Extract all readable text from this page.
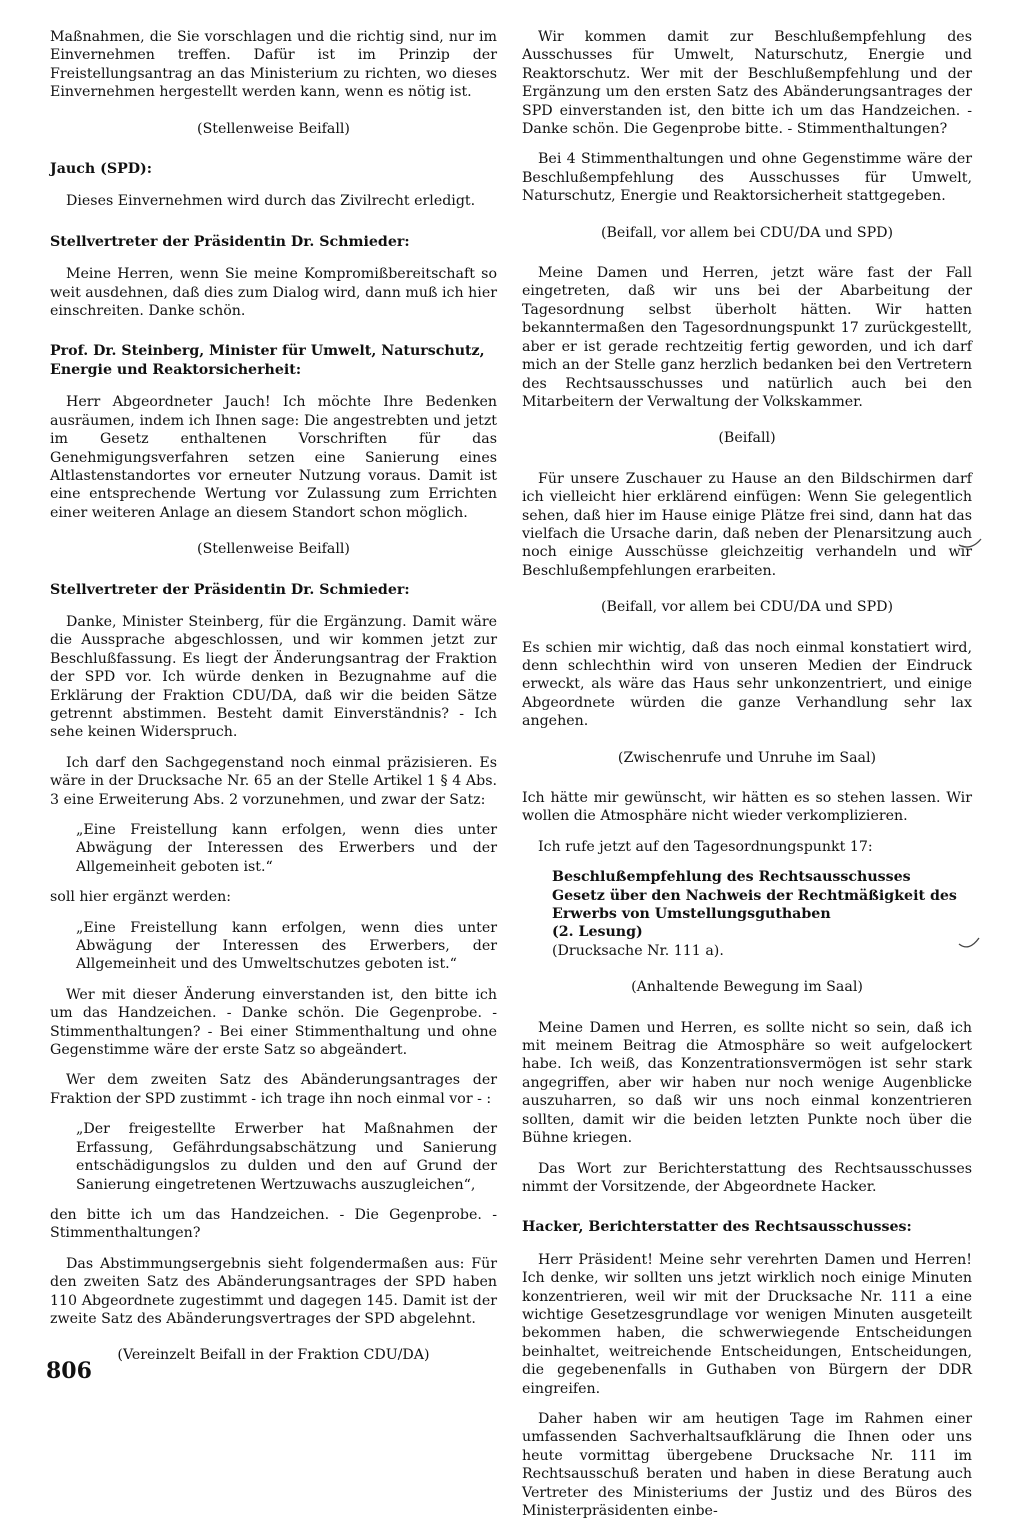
Maßnahmen, die Sie vorschlagen und die richtig sind, nur im Einvernehmen treffen. Dafür ist im Prinzip der Freistellungsantrag an das Ministerium zu richten, wo dieses Einvernehmen hergestellt werden kann, wenn es nötig ist.

(Stellenweise Beifall)

Jauch (SPD):

Dieses Einvernehmen wird durch das Zivilrecht erledigt.

Stellvertreter der Präsidentin Dr. Schmieder:

Meine Herren, wenn Sie meine Kompromißbereitschaft so weit ausdehnen, daß dies zum Dialog wird, dann muß ich hier einschreiten. Danke schön.

Prof. Dr. Steinberg, Minister für Umwelt, Naturschutz, Energie und Reaktorsicherheit:

Herr Abgeordneter Jauch! Ich möchte Ihre Bedenken ausräumen, indem ich Ihnen sage: Die angestrebten und jetzt im Gesetz enthaltenen Vorschriften für das Genehmigungsverfahren setzen eine Sanierung eines Altlastenstandortes vor erneuter Nutzung voraus. Damit ist eine entsprechende Wertung vor Zulassung zum Errichten einer weiteren Anlage an diesem Standort schon möglich.

(Stellenweise Beifall)

Stellvertreter der Präsidentin Dr. Schmieder:

Danke, Minister Steinberg, für die Ergänzung. Damit wäre die Aussprache abgeschlossen, und wir kommen jetzt zur Beschlußfassung. Es liegt der Änderungsantrag der Fraktion der SPD vor. Ich würde denken in Bezugnahme auf die Erklärung der Fraktion CDU/DA, daß wir die beiden Sätze getrennt abstimmen. Besteht damit Einverständnis? - Ich sehe keinen Widerspruch.

Ich darf den Sachgegenstand noch einmal präzisieren. Es wäre in der Drucksache Nr. 65 an der Stelle Artikel 1 § 4 Abs. 3 eine Erweiterung Abs. 2 vorzunehmen, und zwar der Satz:

„Eine Freistellung kann erfolgen, wenn dies unter Abwägung der Interessen des Erwerbers und der Allgemeinheit geboten ist.“

soll hier ergänzt werden:

„Eine Freistellung kann erfolgen, wenn dies unter Abwägung der Interessen des Erwerbers, der Allgemeinheit und des Umweltschutzes geboten ist.“

Wer mit dieser Änderung einverstanden ist, den bitte ich um das Handzeichen. - Danke schön. Die Gegenprobe. - Stimmenthaltungen? - Bei einer Stimmenthaltung und ohne Gegenstimme wäre der erste Satz so abgeändert.

Wer dem zweiten Satz des Abänderungsantrages der Fraktion der SPD zustimmt - ich trage ihn noch einmal vor - :

„Der freigestellte Erwerber hat Maßnahmen der Erfassung, Gefährdungsabschätzung und Sanierung entschädigungslos zu dulden und den auf Grund der Sanierung eingetretenen Wertzuwachs auszugleichen“,

den bitte ich um das Handzeichen. - Die Gegenprobe. - Stimmenthaltungen?

Das Abstimmungsergebnis sieht folgendermaßen aus: Für den zweiten Satz des Abänderungsantrages der SPD haben 110 Abgeordnete zugestimmt und dagegen 145. Damit ist der zweite Satz des Abänderungsvertrages der SPD abgelehnt.

(Vereinzelt Beifall in der Fraktion CDU/DA)

Wir kommen damit zur Beschlußempfehlung des Ausschusses für Umwelt, Naturschutz, Energie und Reaktorschutz. Wer mit der Beschlußempfehlung und der Ergänzung um den ersten Satz des Abänderungsantrages der SPD einverstanden ist, den bitte ich um das Handzeichen. - Danke schön. Die Gegenprobe bitte. - Stimmenthaltungen?

Bei 4 Stimmenthaltungen und ohne Gegenstimme wäre der Beschlußempfehlung des Ausschusses für Umwelt, Naturschutz, Energie und Reaktorsicherheit stattgegeben.

(Beifall, vor allem bei CDU/DA und SPD)

Meine Damen und Herren, jetzt wäre fast der Fall eingetreten, daß wir uns bei der Abarbeitung der Tagesordnung selbst überholt hätten. Wir hatten bekanntermaßen den Tagesordnungspunkt 17 zurückgestellt, aber er ist gerade rechtzeitig fertig geworden, und ich darf mich an der Stelle ganz herzlich bedanken bei den Vertretern des Rechtsausschusses und natürlich auch bei den Mitarbeitern der Verwaltung der Volkskammer.

(Beifall)

Für unsere Zuschauer zu Hause an den Bildschirmen darf ich vielleicht hier erklärend einfügen: Wenn Sie gelegentlich sehen, daß hier im Hause einige Plätze frei sind, dann hat das vielfach die Ursache darin, daß neben der Plenarsitzung auch noch einige Ausschüsse gleichzeitig verhandeln und wir Beschlußempfehlungen erarbeiten.

(Beifall, vor allem bei CDU/DA und SPD)

Es schien mir wichtig, daß das noch einmal konstatiert wird, denn schlechthin wird von unseren Medien der Eindruck erweckt, als wäre das Haus sehr unkonzentriert, und einige Abgeordnete würden die ganze Verhandlung sehr lax angehen.

(Zwischenrufe und Unruhe im Saal)

Ich hätte mir gewünscht, wir hätten es so stehen lassen. Wir wollen die Atmosphäre nicht wieder verkomplizieren.

Ich rufe jetzt auf den Tagesordnungspunkt 17:

Beschlußempfehlung des Rechtsausschusses

Gesetz über den Nachweis der Rechtmäßigkeit des Erwerbs von Umstellungsguthaben

(2. Lesung)

(Drucksache Nr. 111 a).

(Anhaltende Bewegung im Saal)

Meine Damen und Herren, es sollte nicht so sein, daß ich mit meinem Beitrag die Atmosphäre so weit aufgelockert habe. Ich weiß, das Konzentrationsvermögen ist sehr stark angegriffen, aber wir haben nur noch wenige Augenblicke auszuharren, so daß wir uns noch einmal konzentrieren sollten, damit wir die beiden letzten Punkte noch über die Bühne kriegen.

Das Wort zur Berichterstattung des Rechtsausschusses nimmt der Vorsitzende, der Abgeordnete Hacker.

Hacker, Berichterstatter des Rechtsausschusses:

Herr Präsident! Meine sehr verehrten Damen und Herren! Ich denke, wir sollten uns jetzt wirklich noch einige Minuten konzentrieren, weil wir mit der Drucksache Nr. 111 a eine wichtige Gesetzesgrundlage vor wenigen Minuten ausgeteilt bekommen haben, die schwerwiegende Entscheidungen beinhaltet, weitreichende Entscheidungen, Entscheidungen, die gegebenenfalls in Guthaben von Bürgern der DDR eingreifen.

Daher haben wir am heutigen Tage im Rahmen einer umfassenden Sachverhaltsaufklärung die Ihnen oder uns heute vormittag übergebene Drucksache Nr. 111 im Rechtsausschuß beraten und haben in diese Beratung auch Vertreter des Ministeriums der Justiz und des Büros des Ministerpräsidenten einbe-

806
